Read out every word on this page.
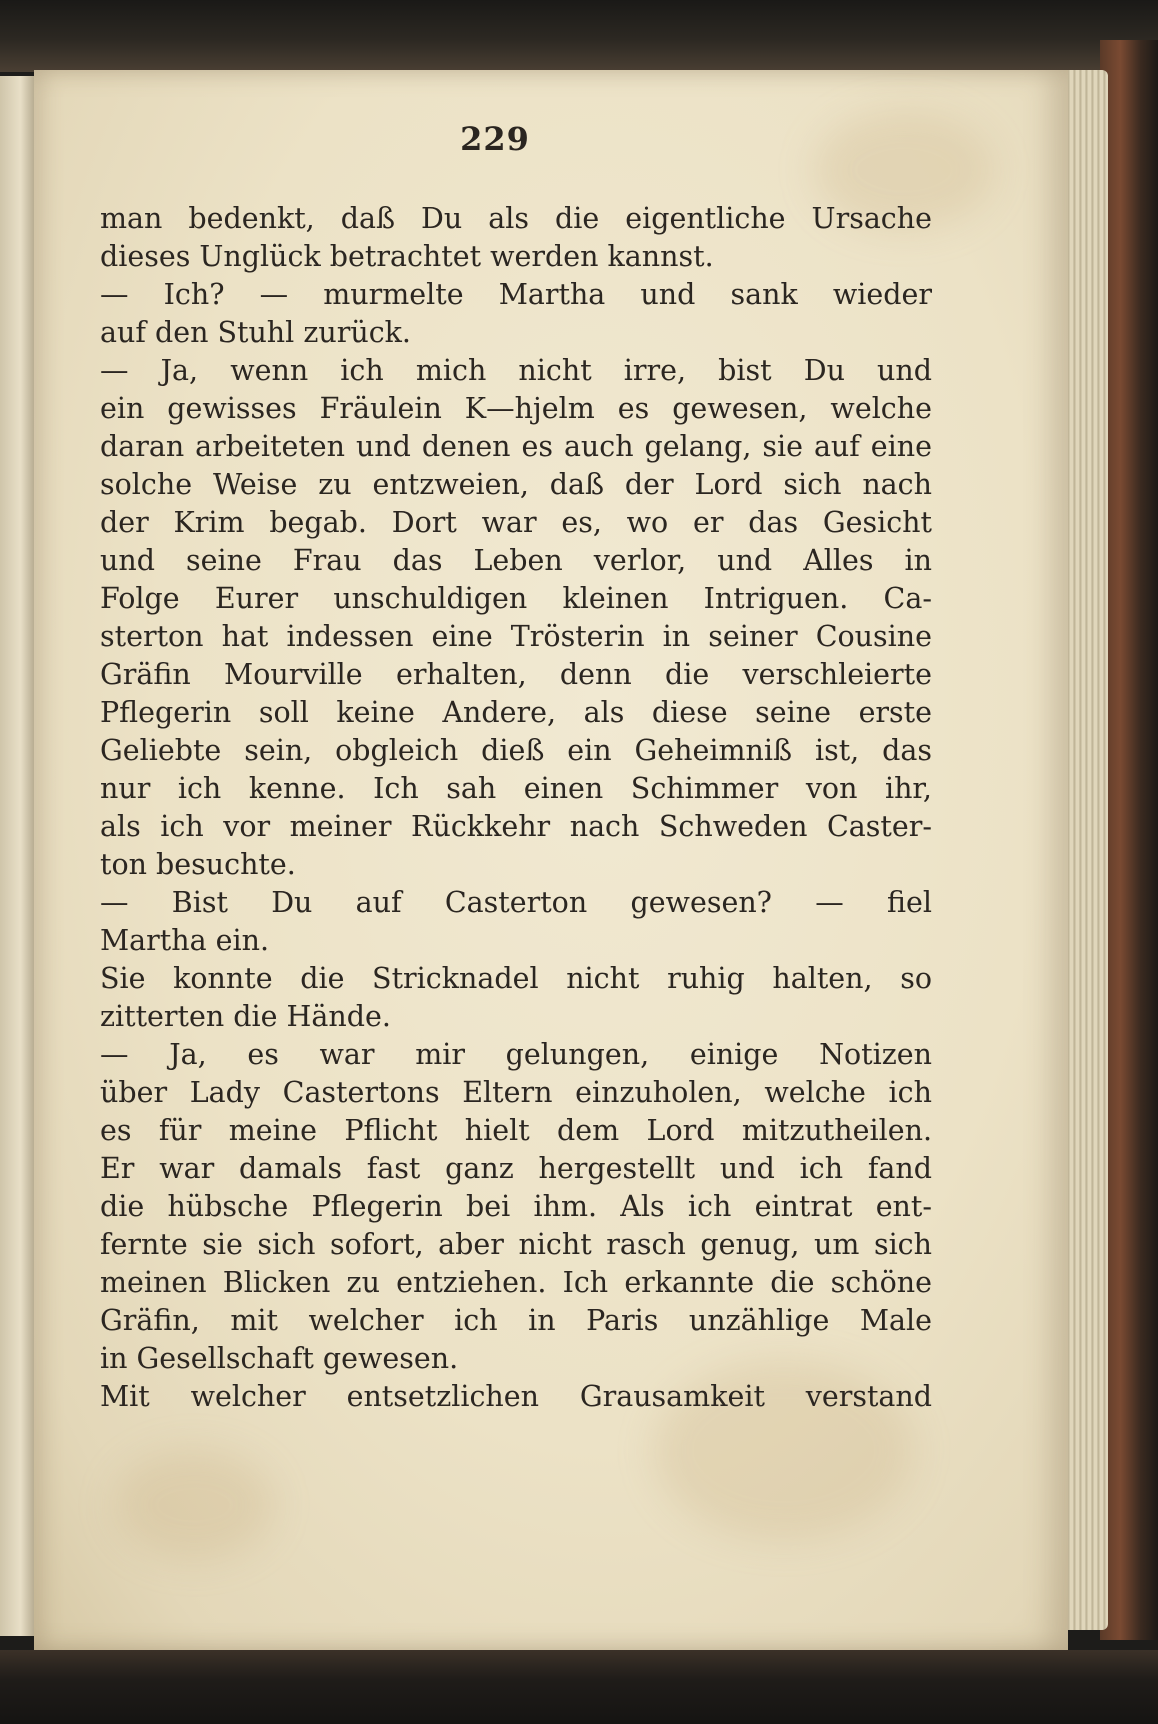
229
man bedenkt, daß Du als die eigentliche Ursache
dieses Unglück betrachtet werden kannst.
— Ich? — murmelte Martha und sank wieder
auf den Stuhl zurück.
— Ja, wenn ich mich nicht irre, bist Du und
ein gewisses Fräulein K—hjelm es gewesen, welche
daran arbeiteten und denen es auch gelang, sie auf eine
solche Weise zu entzweien, daß der Lord sich nach
der Krim begab. Dort war es, wo er das Gesicht
und seine Frau das Leben verlor, und Alles in
Folge Eurer unschuldigen kleinen Intriguen. Ca-
sterton hat indessen eine Trösterin in seiner Cousine
Gräfin Mourville erhalten, denn die verschleierte
Pflegerin soll keine Andere, als diese seine erste
Geliebte sein, obgleich dieß ein Geheimniß ist, das
nur ich kenne. Ich sah einen Schimmer von ihr,
als ich vor meiner Rückkehr nach Schweden Caster-
ton besuchte.
— Bist Du auf Casterton gewesen? — fiel
Martha ein.
Sie konnte die Stricknadel nicht ruhig halten, so
zitterten die Hände.
— Ja, es war mir gelungen, einige Notizen
über Lady Castertons Eltern einzuholen, welche ich
es für meine Pflicht hielt dem Lord mitzutheilen.
Er war damals fast ganz hergestellt und ich fand
die hübsche Pflegerin bei ihm. Als ich eintrat ent-
fernte sie sich sofort, aber nicht rasch genug, um sich
meinen Blicken zu entziehen. Ich erkannte die schöne
Gräfin, mit welcher ich in Paris unzählige Male
in Gesellschaft gewesen.
Mit welcher entsetzlichen Grausamkeit verstand
